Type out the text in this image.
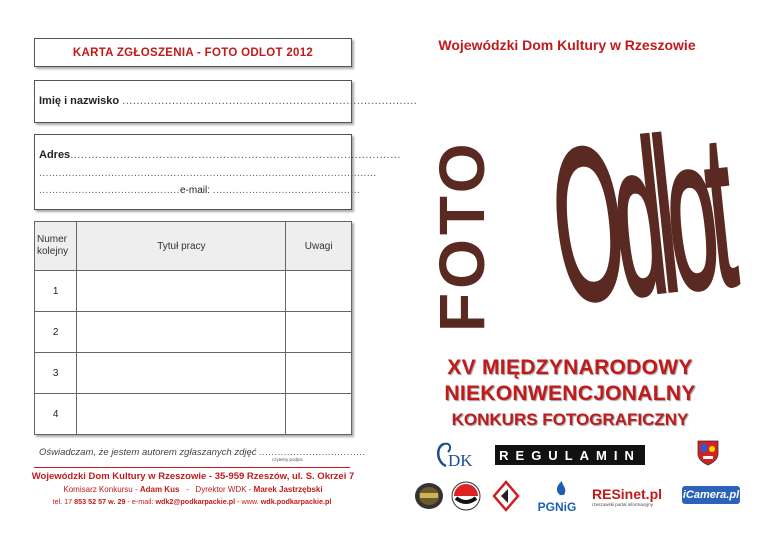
KARTA ZGŁOSZENIA - FOTO ODLOT 2012
Imię i nazwisko ...................................................................................
Adres.............................................................................................
.......................................................................................................
...........................................e-mail: .............................................
Numer kolejny	Tytuł pracy	Uwagi
1		
2		
3		
4		
Oświadczam, że jestem autorem zgłaszanych zdjęć ..................................
czytelny podpis
Wojewódzki Dom Kultury w Rzeszowie - 35-959 Rzeszów, ul. S. Okrzei 7
Komisarz Konkursu - Adam Kus   -   Dyrektor WDK - Marek Jastrzębski
tel. 17 853 52 57 w. 29 - e-mail: wdk2@podkarpackie.pl - www. wdk.podkarpackie.pl
Wojewódzki Dom Kultury w Rzeszowie
FOTO Odlot
XV MIĘDZYNARODOWY
NIEKONWENCJONALNY
KONKURS FOTOGRAFICZNY
DK	REGULAMIN
PGNiG
RESinet.pl
rzeszowski portal informacyjny
iCamera.pl
